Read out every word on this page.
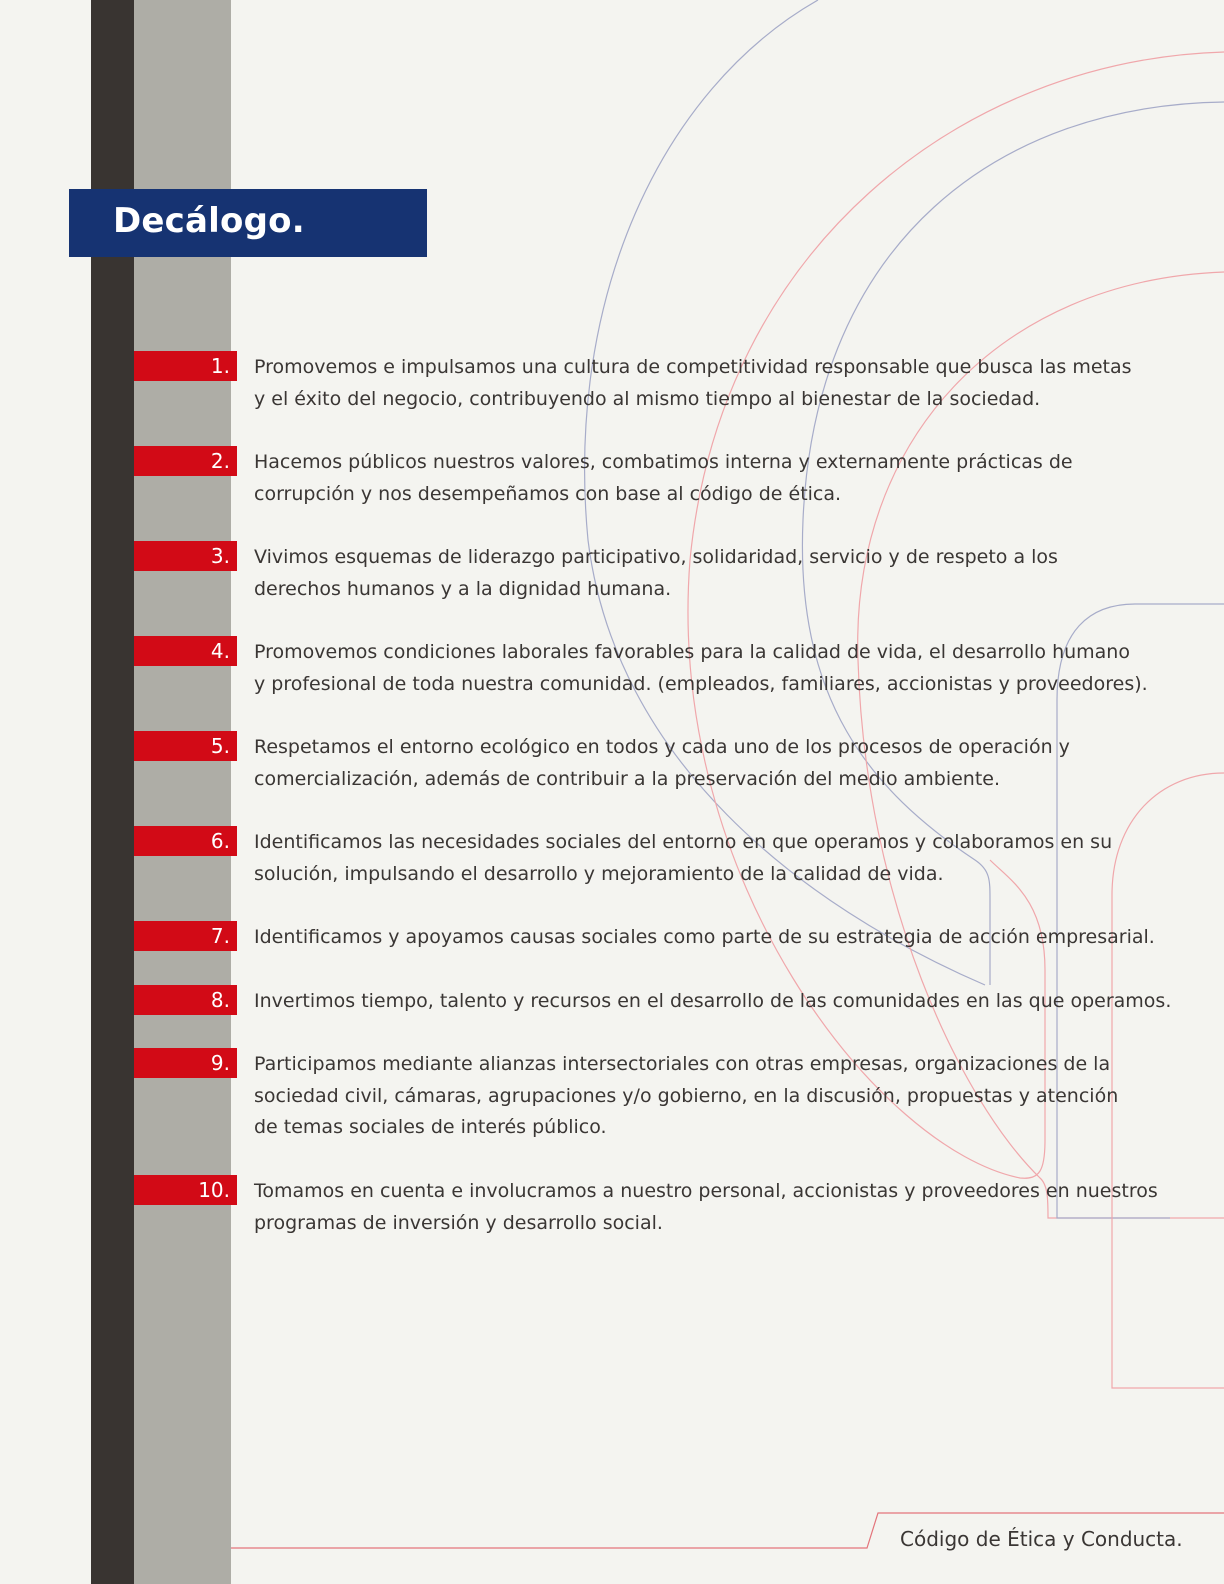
Decálogo.
1. Promovemos e impulsamos una cultura de competitividad responsable que busca las metas
y el éxito del negocio, contribuyendo al mismo tiempo al bienestar de la sociedad.

2. Hacemos públicos nuestros valores, combatimos interna y externamente prácticas de
corrupción y nos desempeñamos con base al código de ética.

3. Vivimos esquemas de liderazgo participativo, solidaridad, servicio y de respeto a los
derechos humanos y a la dignidad humana.

4. Promovemos condiciones laborales favorables para la calidad de vida, el desarrollo humano
y profesional de toda nuestra comunidad. (empleados, familiares, accionistas y proveedores).

5. Respetamos el entorno ecológico en todos y cada uno de los procesos de operación y
comercialización, además de contribuir a la preservación del medio ambiente.

6. Identificamos las necesidades sociales del entorno en que operamos y colaboramos en su
solución, impulsando el desarrollo y mejoramiento de la calidad de vida.

7. Identificamos y apoyamos causas sociales como parte de su estrategia de acción empresarial.

8. Invertimos tiempo, talento y recursos en el desarrollo de las comunidades en las que operamos.

9. Participamos mediante alianzas intersectoriales con otras empresas, organizaciones de la
sociedad civil, cámaras, agrupaciones y/o gobierno, en la discusión, propuestas y atención
de temas sociales de interés público.

10. Tomamos en cuenta e involucramos a nuestro personal, accionistas y proveedores en nuestros
programas de inversión y desarrollo social.

Código de Ética y Conducta.
